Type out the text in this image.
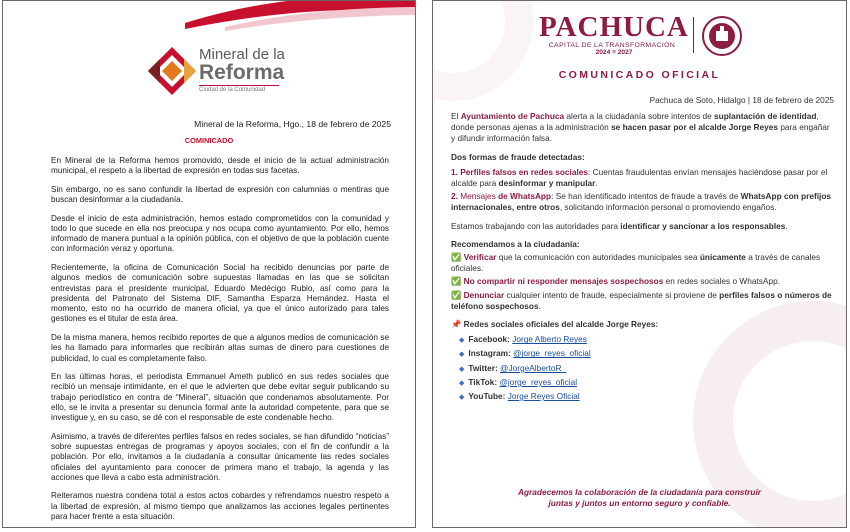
Mineral de la
Reforma
Ciudad de la Comunidad
Mineral de la Reforma, Hgo., 18 de febrero de 2025
COMINICADO

En Mineral de la Reforma hemos promovido, desde el inicio de la actual administración municipal, el respeto a la libertad de expresión en todas sus facetas.

Sin embargo, no es sano confundir la libertad de expresión con calumnias o mentiras que buscan desinformar a la ciudadanía.

Desde el inicio de esta administración, hemos estado comprometidos con la comunidad y todo lo que sucede en ella nos preocupa y nos ocupa como ayuntamiento. Por ello, hemos informado de manera puntual a la opinión pública, con el objetivo de que la población cuente con información veraz y oportuna.

Recientemente, la oficina de Comunicación Social ha recibido denuncias por parte de algunos medios de comunicación sobre supuestas llamadas en las que se solicitan entrevistas para el presidente municipal, Eduardo Medécigo Rubio, así como para la presidenta del Patronato del Sistema DIF, Samantha Esparza Hernández. Hasta el momento, esto no ha ocurrido de manera oficial, ya que el único autorizado para tales gestiones es el titular de esta área.

De la misma manera, hemos recibido reportes de que a algunos medios de comunicación se les ha llamado para informarles que recibirán altas sumas de dinero para cuestiones de publicidad, lo cual es completamente falso.

En las últimas horas, el periodista Emmanuel Ameth publicó en sus redes sociales que recibió un mensaje intimidante, en el que le advierten que debe evitar seguir publicando su trabajo periodístico en contra de “Mineral”, situación que condenamos absolutamente. Por ello, se le invita a presentar su denuncia formal ante la autoridad competente, para que se investigue y, en su caso, se dé con el responsable de este condenable hecho.

Asimismo, a través de diferentes perfiles falsos en redes sociales, se han difundido “noticias” sobre supuestas entregas de programas y apoyos sociales, con el fin de confundir a la población. Por ello, invitamos a la ciudadanía a consultar únicamente las redes sociales oficiales del ayuntamiento para conocer de primera mano el trabajo, la agenda y las acciones que lleva a cabo esta administración.

Reiteramos nuestra condena total a estos actos cobardes y refrendamos nuestro respeto a la libertad de expresión, al mismo tiempo que analizamos las acciones legales pertinentes para hacer frente a esta situación.

PACHUCA
CAPITAL DE LA TRANSFORMACIÓN
2024 ≡ 2027
COMUNICADO OFICIAL
Pachuca de Soto, Hidalgo | 18 de febrero de 2025

El Ayuntamiento de Pachuca alerta a la ciudadanía sobre intentos de suplantación de identidad, donde personas ajenas a la administración se hacen pasar por el alcalde Jorge Reyes para engañar y difundir información falsa.

Dos formas de fraude detectadas:

1. Perfiles falsos en redes sociales: Cuentas fraudulentas envían mensajes haciéndose pasar por el alcalde para desinformar y manipular.

2. Mensajes de WhatsApp: Se han identificado intentos de fraude a través de WhatsApp con prefijos internacionales, entre otros, solicitando información personal o promoviendo engaños.

Estamos trabajando con las autoridades para identificar y sancionar a los responsables.

Recomendamos a la ciudadanía:

✅ Verificar que la comunicación con autoridades municipales sea únicamente a través de canales oficiales.

✅ No compartir ni responder mensajes sospechosos en redes sociales o WhatsApp.

✅ Denunciar cualquier intento de fraude, especialmente si proviene de perfiles falsos o números de teléfono sospechosos.

📌 Redes sociales oficiales del alcalde Jorge Reyes:

◆ Facebook: Jorge Alberto Reyes
◆ Instagram: @jorge_reyes_oficial
◆ Twitter: @JorgeAlbertoR_
◆ TikTok: @jorge_reyes_oficial
◆ YouTube: Jorge Reyes Oficial
Agradecemos la colaboración de la ciudadanía para construir
juntas y juntos un entorno seguro y confiable.
